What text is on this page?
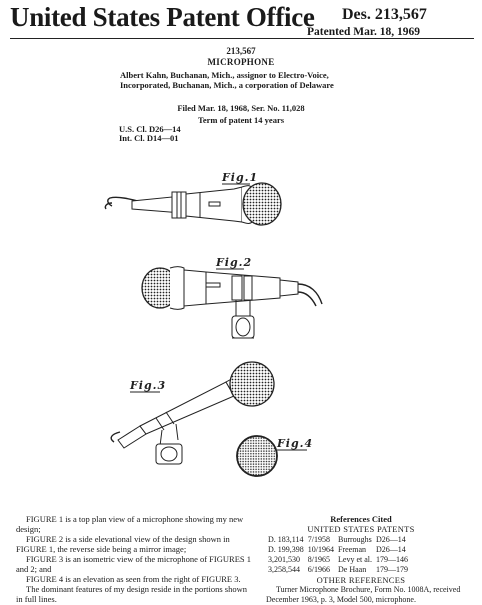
United States Patent Office Des. 213,567
Patented Mar. 18, 1969
213,567
MICROPHONE
Albert Kahn, Buchanan, Mich., assignor to Electro-Voice, Incorporated, Buchanan, Mich., a corporation of Delaware
Filed Mar. 18, 1968, Ser. No. 11,028
Term of patent 14 years
U.S. Cl. D26—14
Int. Cl. D14—01
Fig.1
Fig.2
Fig.3
Fig.4

FIGURE 1 is a top plan view of a microphone showing my new design;

FIGURE 2 is a side elevational view of the design shown in FIGURE 1, the reverse side being a mirror image;

FIGURE 3 is an isometric view of the microphone of FIGURES 1 and 2; and

FIGURE 4 is an elevation as seen from the right of FIGURE 3.

The dominant features of my design reside in the portions shown in full lines.

References Cited
UNITED STATES PATENTS
D. 183,114	7/1958	Burroughs	D26—14
D. 199,398	10/1964	Freeman	D26—14
3,201,530	8/1965	Levy et al.	179—146
3,258,544	6/1966	De Haan	179—179
OTHER REFERENCES
Turner Microphone Brochure, Form No. 1008A, received December 1963, p. 3, Model 500, microphone.
